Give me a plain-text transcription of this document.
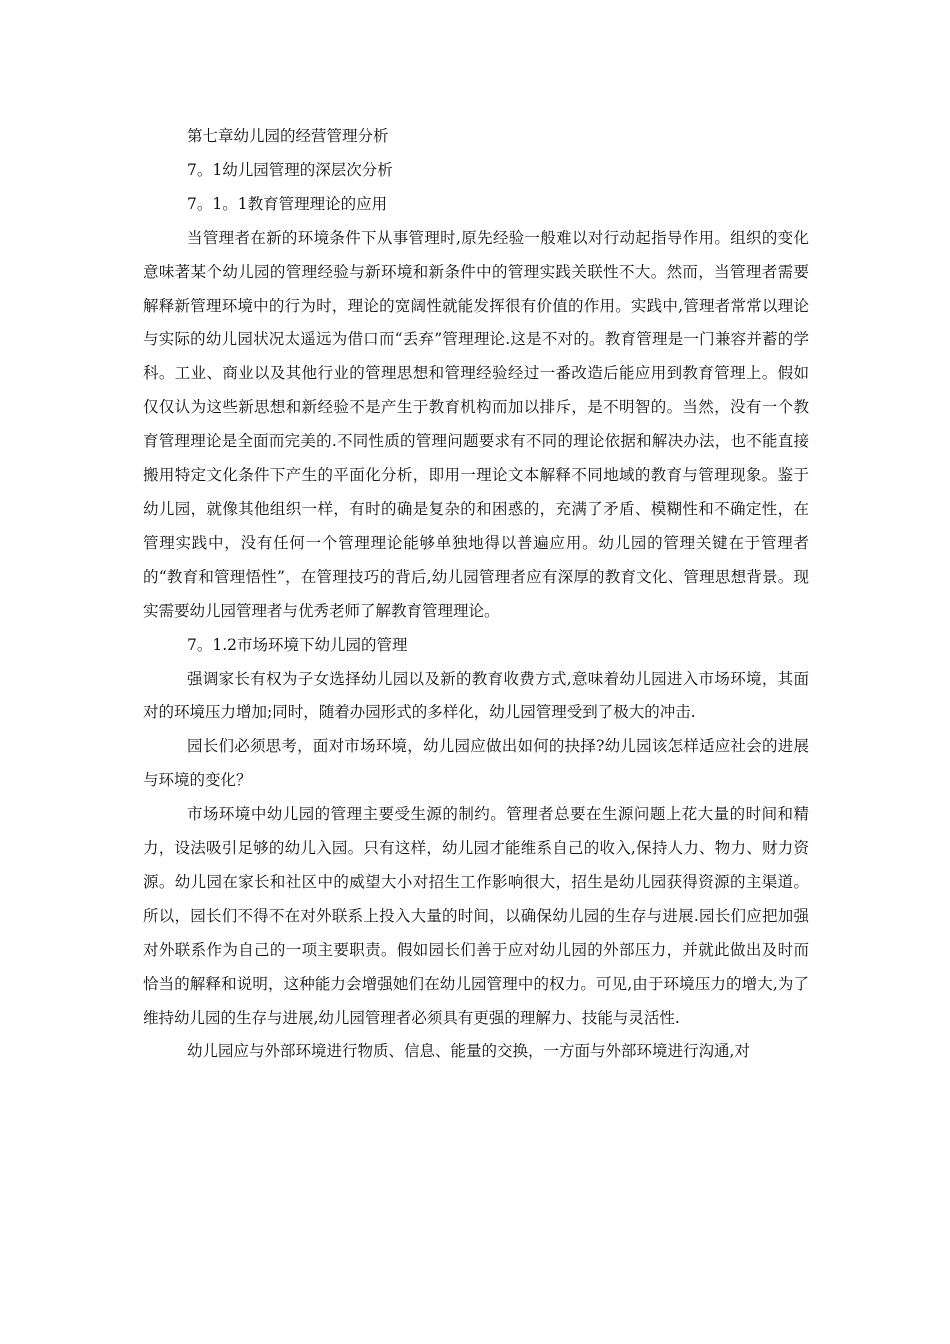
第七章幼儿园的经营管理分析

7。1幼儿园管理的深层次分析

7。1。1教育管理理论的应用

当管理者在新的环境条件下从事管理时,原先经验一般难以对行动起指导作用。组织的变化意味著某个幼儿园的管理经验与新环境和新条件中的管理实践关联性不大。然而，当管理者需要解释新管理环境中的行为时，理论的宽阔性就能发挥很有价值的作用。实践中,管理者常常以理论与实际的幼儿园状况太遥远为借口而“丢弃”管理理论.这是不对的。教育管理是一门兼容并蓄的学科。工业、商业以及其他行业的管理思想和管理经验经过一番改造后能应用到教育管理上。假如仅仅认为这些新思想和新经验不是产生于教育机构而加以排斥，是不明智的。当然，没有一个教育管理理论是全面而完美的.不同性质的管理问题要求有不同的理论依据和解决办法，也不能直接搬用特定文化条件下产生的平面化分析，即用一理论文本解释不同地域的教育与管理现象。鉴于幼儿园，就像其他组织一样，有时的确是复杂的和困惑的，充满了矛盾、模糊性和不确定性，在管理实践中，没有任何一个管理理论能够单独地得以普遍应用。幼儿园的管理关键在于管理者的“教育和管理悟性”，在管理技巧的背后,幼儿园管理者应有深厚的教育文化、管理思想背景。现实需要幼儿园管理者与优秀老师了解教育管理理论。

7。1.2市场环境下幼儿园的管理

强调家长有权为子女选择幼儿园以及新的教育收费方式,意味着幼儿园进入市场环境，其面对的环境压力增加;同时，随着办园形式的多样化，幼儿园管理受到了极大的冲击.

园长们必须思考，面对市场环境，幼儿园应做出如何的抉择?幼儿园该怎样适应社会的进展与环境的变化？

市场环境中幼儿园的管理主要受生源的制约。管理者总要在生源问题上花大量的时间和精力，设法吸引足够的幼儿入园。只有这样，幼儿园才能维系自己的收入,保持人力、物力、财力资源。幼儿园在家长和社区中的威望大小对招生工作影响很大，招生是幼儿园获得资源的主渠道。所以，园长们不得不在对外联系上投入大量的时间，以确保幼儿园的生存与进展.园长们应把加强对外联系作为自己的一项主要职责。假如园长们善于应对幼儿园的外部压力，并就此做出及时而恰当的解释和说明，这种能力会增强她们在幼儿园管理中的权力。可见,由于环境压力的增大,为了维持幼儿园的生存与进展,幼儿园管理者必须具有更强的理解力、技能与灵活性.

幼儿园应与外部环境进行物质、信息、能量的交换，一方面与外部环境进行沟通,对
